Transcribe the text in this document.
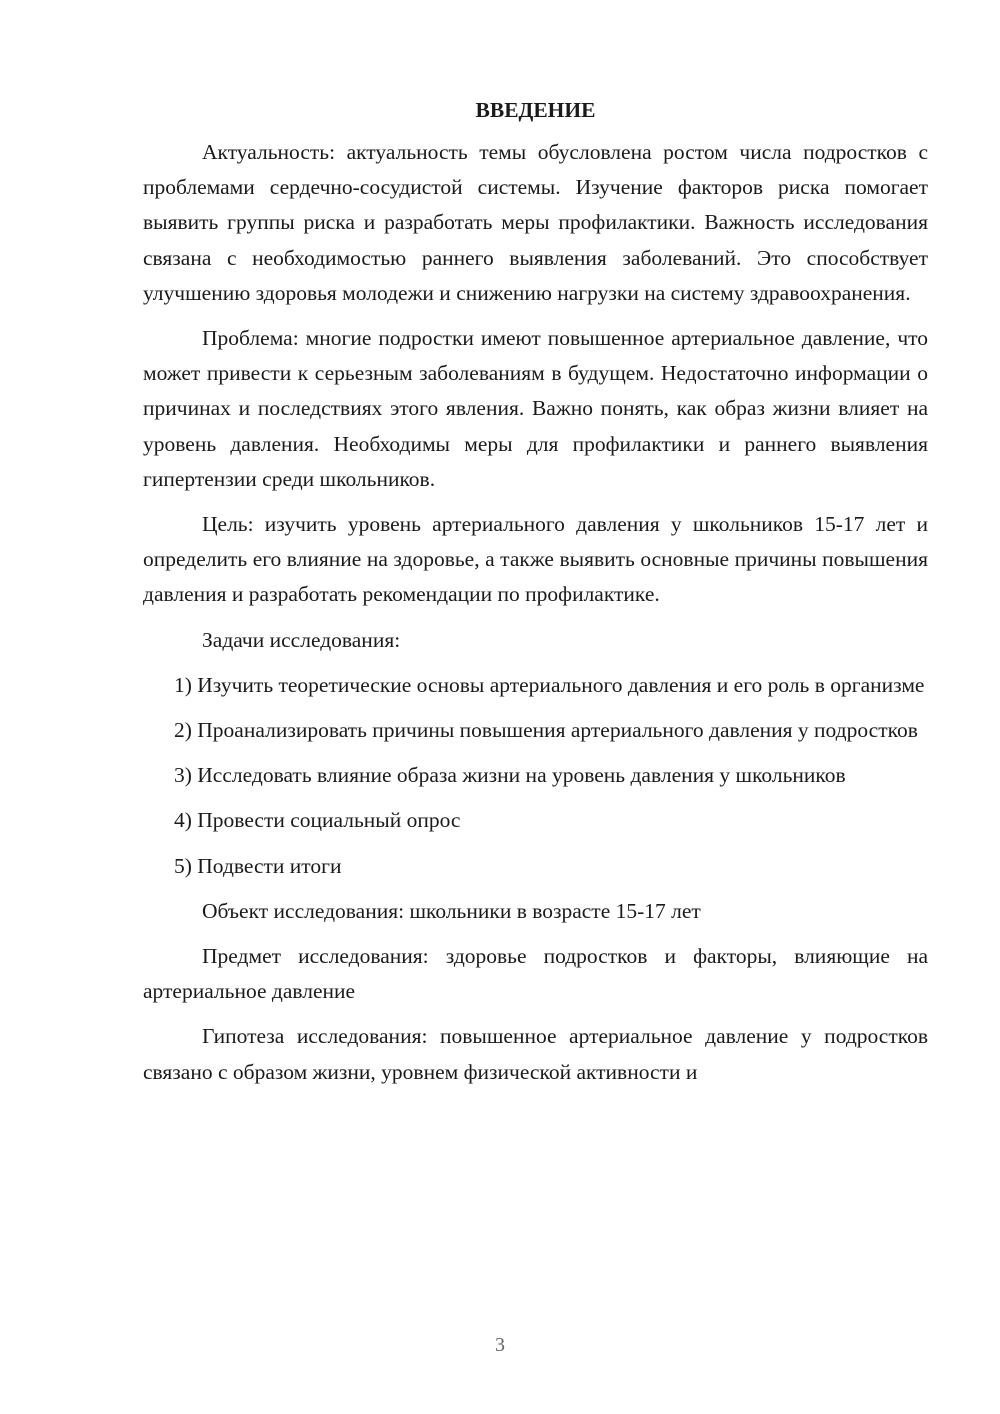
ВВЕДЕНИЕ

Актуальность: актуальность темы обусловлена ростом числа подростков с проблемами сердечно-сосудистой системы. Изучение факторов риска помогает выявить группы риска и разработать меры профилактики. Важность исследования связана с необходимостью раннего выявления заболеваний. Это способствует улучшению здоровья молодежи и снижению нагрузки на систему здравоохранения.

Проблема: многие подростки имеют повышенное артериальное давление, что может привести к серьезным заболеваниям в будущем. Недостаточно информации о причинах и последствиях этого явления. Важно понять, как образ жизни влияет на уровень давления. Необходимы меры для профилактики и раннего выявления гипертензии среди школьников.

Цель: изучить уровень артериального давления у школьников 15-17 лет и определить его влияние на здоровье, а также выявить основные причины повышения давления и разработать рекомендации по профилактике.

Задачи исследования:

1) Изучить теоретические основы артериального давления и его роль в организме

2) Проанализировать причины повышения артериального давления у подростков

3) Исследовать влияние образа жизни на уровень давления у школьников

4) Провести социальный опрос

5) Подвести итоги

Объект исследования: школьники в возрасте 15-17 лет

Предмет исследования: здоровье подростков и факторы, влияющие на артериальное давление

Гипотеза исследования: повышенное артериальное давление у подростков связано с образом жизни, уровнем физической активности и

3
